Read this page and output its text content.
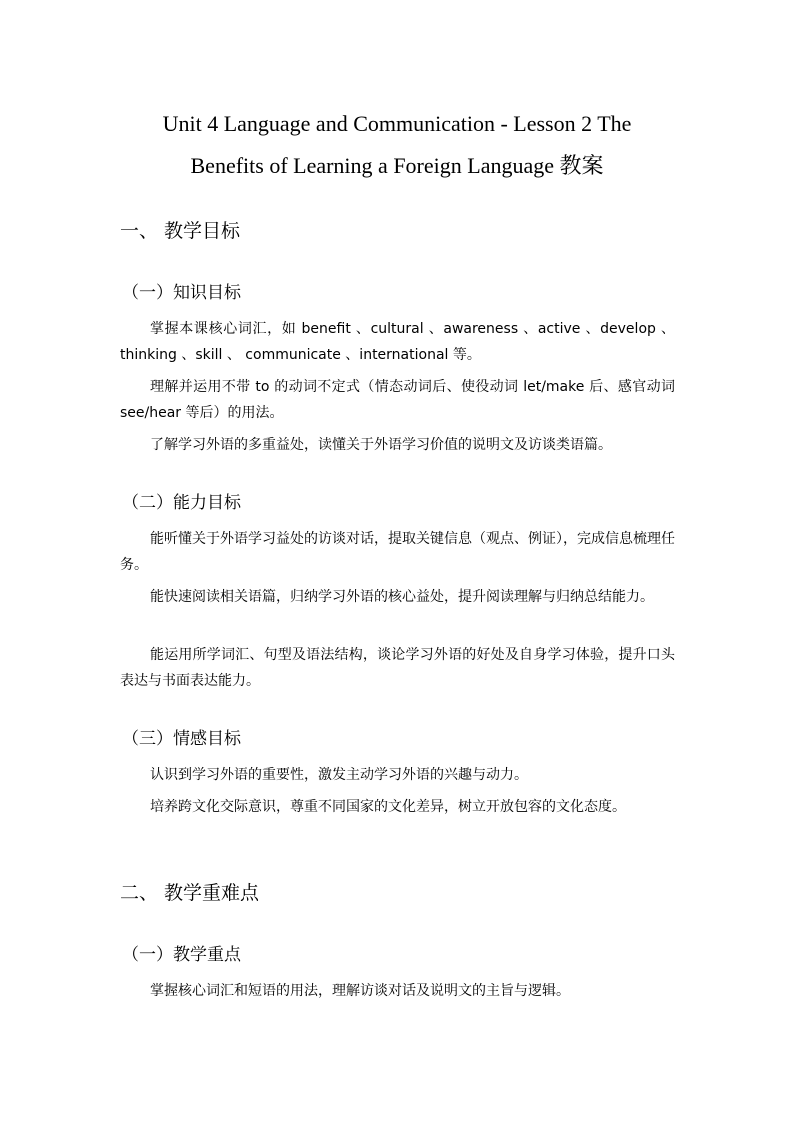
Unit 4 Language and Communication - Lesson 2 The
Benefits of Learning a Foreign Language 教案
一、 教学目标
（一）知识目标

掌握本课核心词汇，如 benefit 、cultural 、awareness 、active 、develop 、thinking 、skill 、 communicate 、international 等。

理解并运用不带 to 的动词不定式（情态动词后、使役动词 let/make 后、感官动词 see/hear 等后）的用法。

了解学习外语的多重益处，读懂关于外语学习价值的说明文及访谈类语篇。

（二）能力目标

能听懂关于外语学习益处的访谈对话，提取关键信息（观点、例证），完成信息梳理任务。

能快速阅读相关语篇，归纳学习外语的核心益处，提升阅读理解与归纳总结能力。

能运用所学词汇、句型及语法结构，谈论学习外语的好处及自身学习体验，提升口头表达与书面表达能力。

（三）情感目标

认识到学习外语的重要性，激发主动学习外语的兴趣与动力。

培养跨文化交际意识，尊重不同国家的文化差异，树立开放包容的文化态度。

二、 教学重难点
（一）教学重点

掌握核心词汇和短语的用法，理解访谈对话及说明文的主旨与逻辑。
